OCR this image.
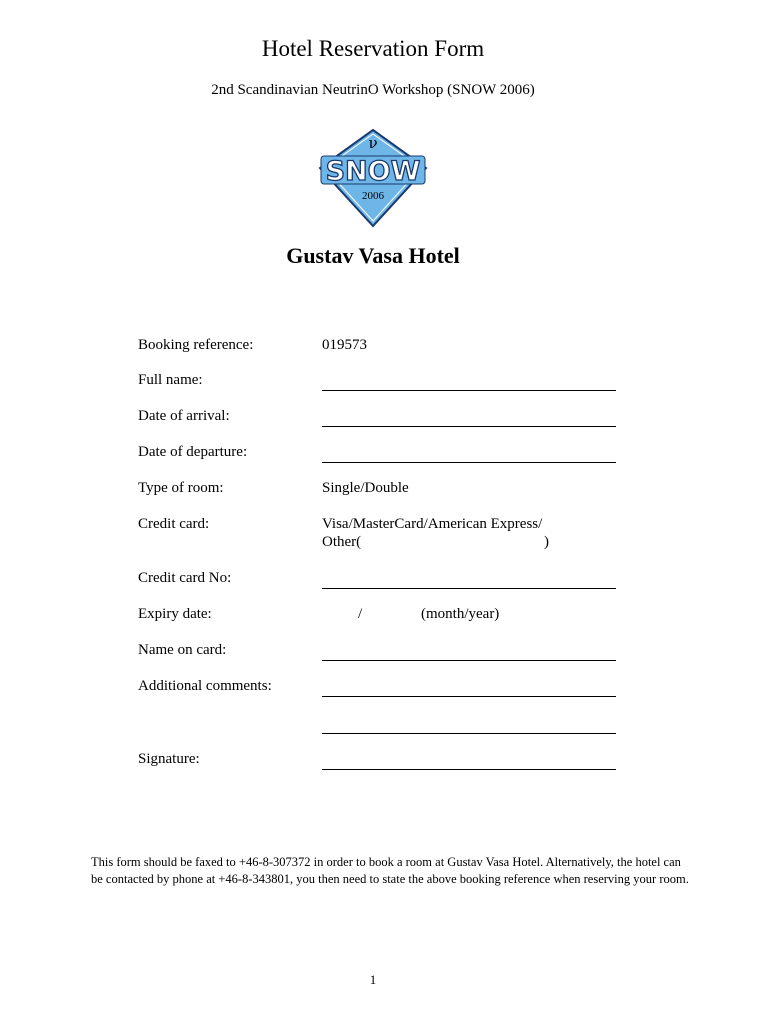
Hotel Reservation Form
2nd Scandinavian NeutrinO Workshop (SNOW 2006)
ν
SNOW
2006
Gustav Vasa Hotel
Booking reference:	019573
Full name:
Date of arrival:
Date of departure:
Type of room:	Single/Double
Credit card:	Visa/MasterCard/American Express/
Other(	)
Credit card No:
Expiry date:	/	(month/year)
Name on card:
Additional comments:
Signature:
This form should be faxed to +46-8-307372 in order to book a room at Gustav Vasa Hotel. Alternatively, the hotel can be contacted by phone at +46-8-343801, you then need to state the above booking reference when reserving your room.
1
